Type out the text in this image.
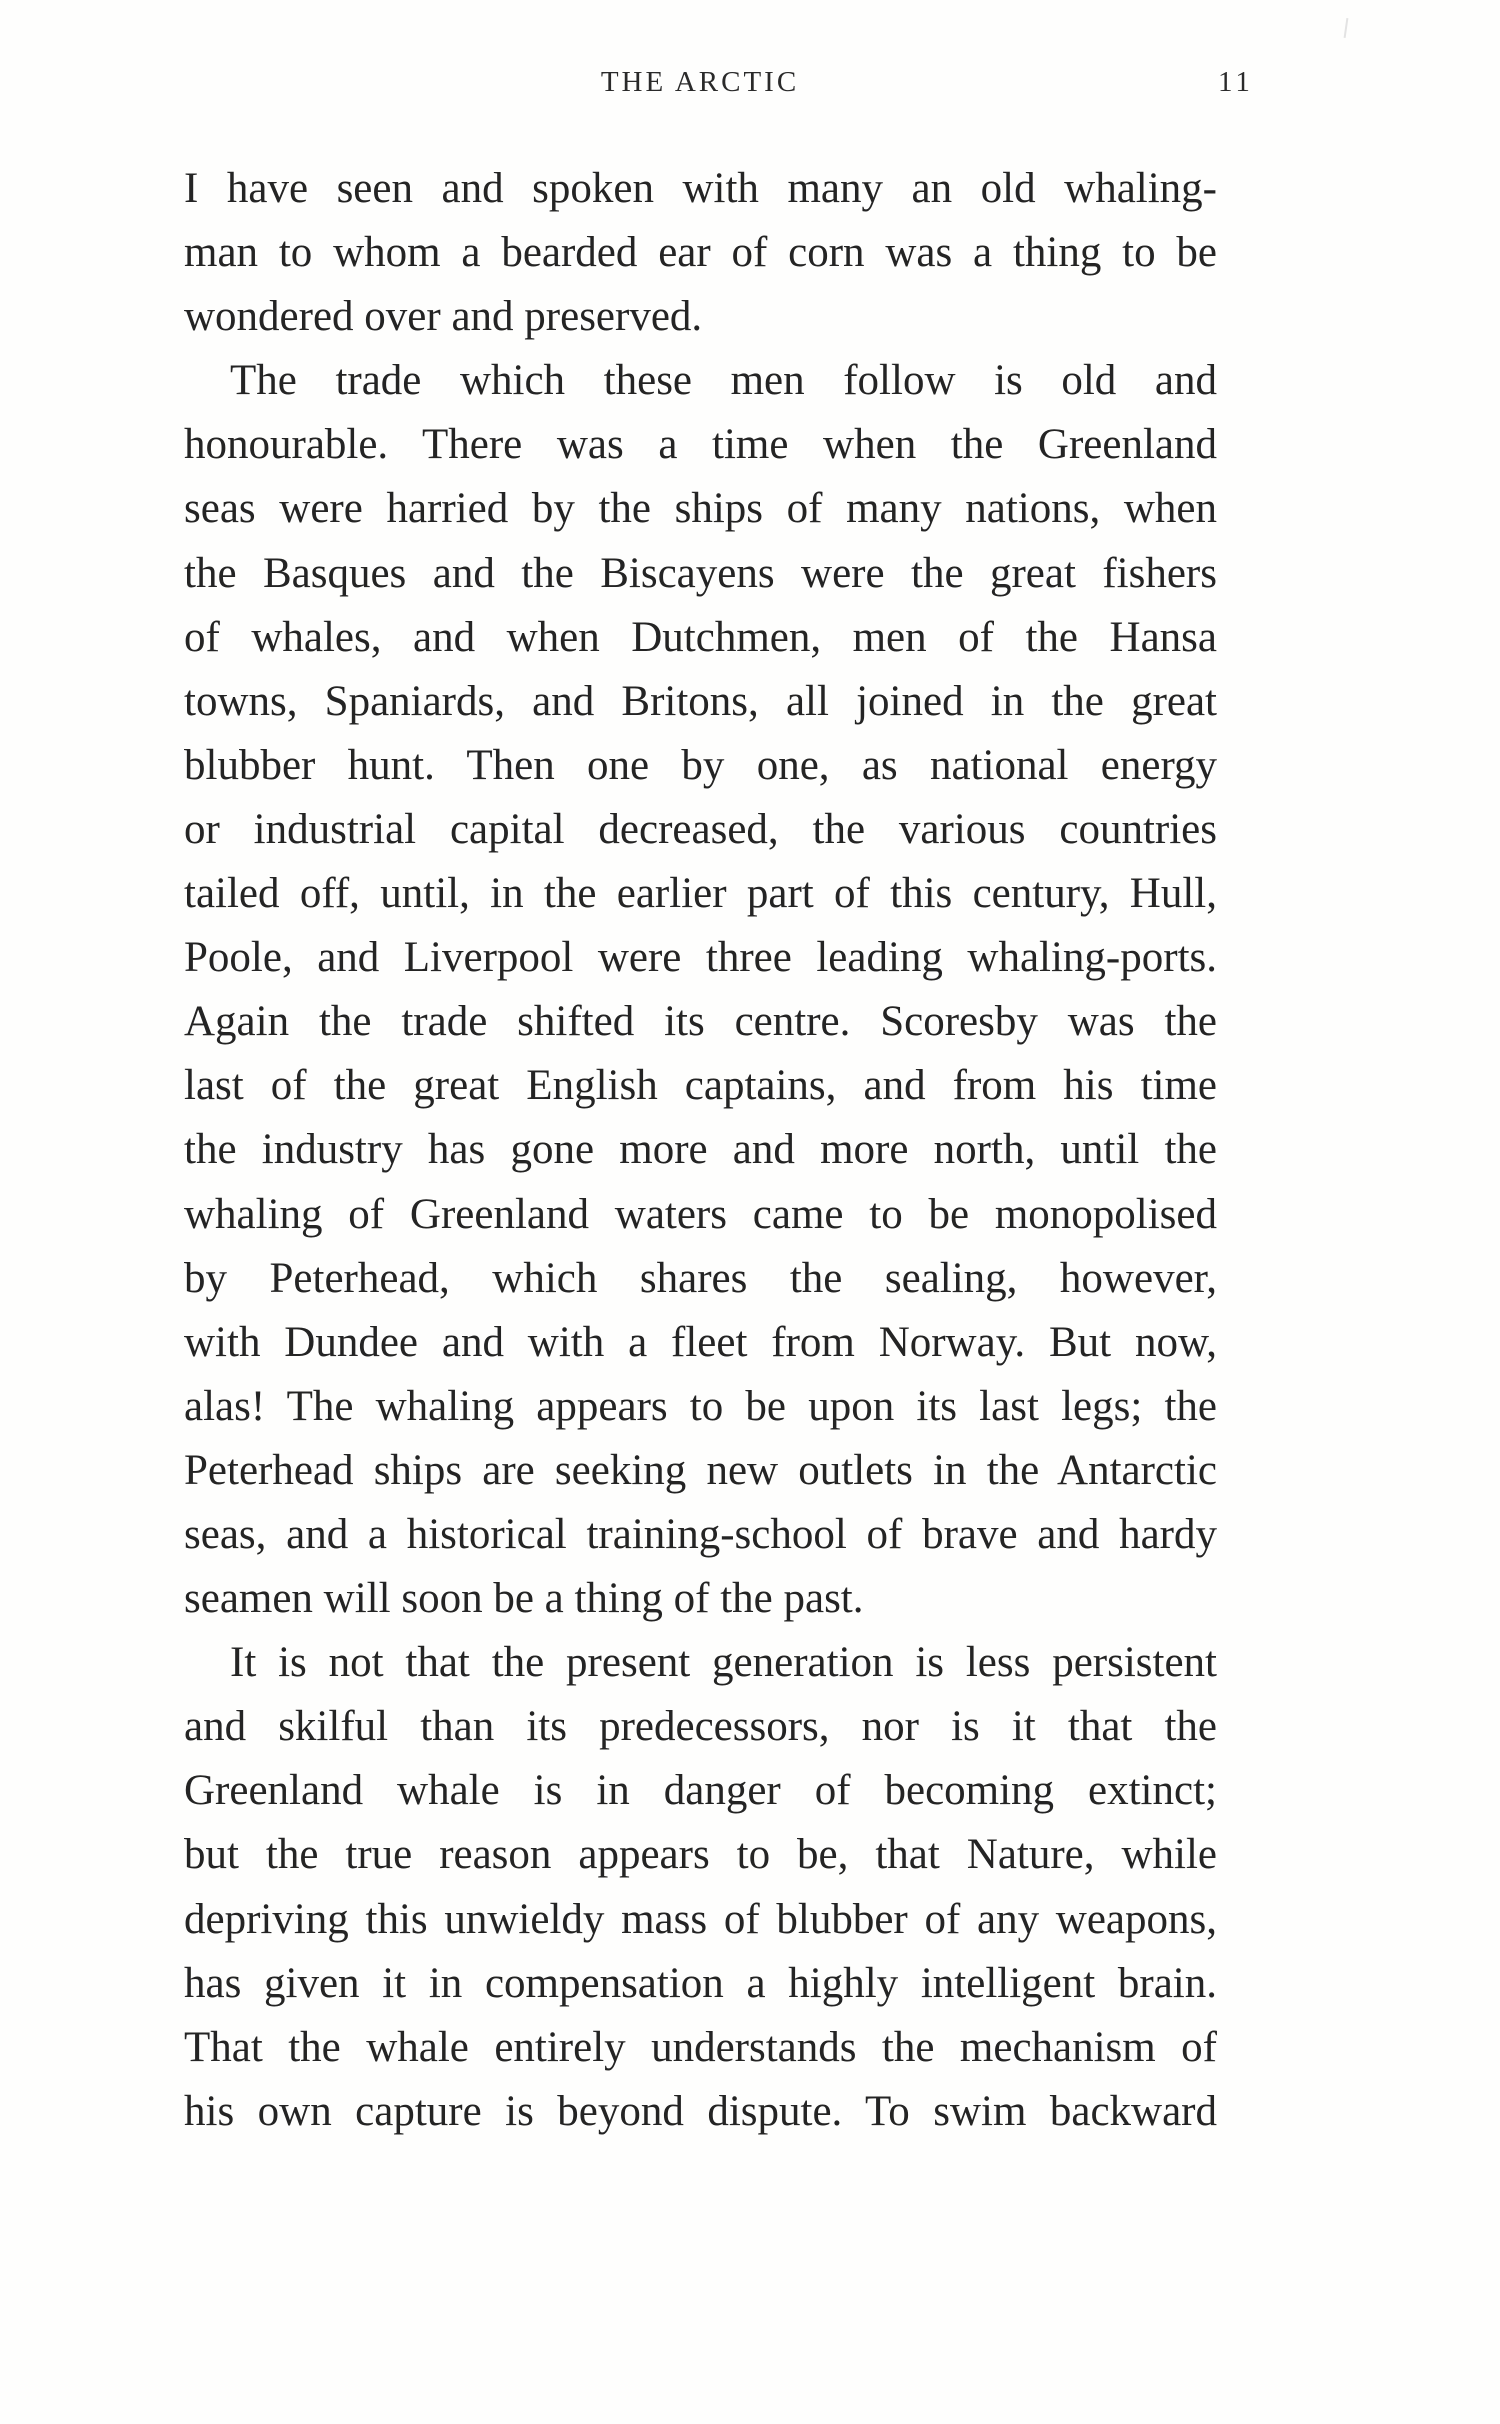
THE ARCTIC	11
I have seen and spoken with many an old whaling-
man to whom a bearded ear of corn was a thing to be
wondered over and preserved.
The trade which these men follow is old and
honourable. There was a time when the Greenland
seas were harried by the ships of many nations, when
the Basques and the Biscayens were the great fishers
of whales, and when Dutchmen, men of the Hansa
towns, Spaniards, and Britons, all joined in the great
blubber hunt. Then one by one, as national energy
or industrial capital decreased, the various countries
tailed off, until, in the earlier part of this century, Hull,
Poole, and Liverpool were three leading whaling-ports.
Again the trade shifted its centre. Scoresby was the
last of the great English captains, and from his time
the industry has gone more and more north, until the
whaling of Greenland waters came to be monopolised
by Peterhead, which shares the sealing, however,
with Dundee and with a fleet from Norway. But now,
alas! The whaling appears to be upon its last legs; the
Peterhead ships are seeking new outlets in the Antarctic
seas, and a historical training-school of brave and hardy
seamen will soon be a thing of the past.
It is not that the present generation is less persistent
and skilful than its predecessors, nor is it that the
Greenland whale is in danger of becoming extinct;
but the true reason appears to be, that Nature, while
depriving this unwieldy mass of blubber of any weapons,
has given it in compensation a highly intelligent brain.
That the whale entirely understands the mechanism of
his own capture is beyond dispute. To swim backward
